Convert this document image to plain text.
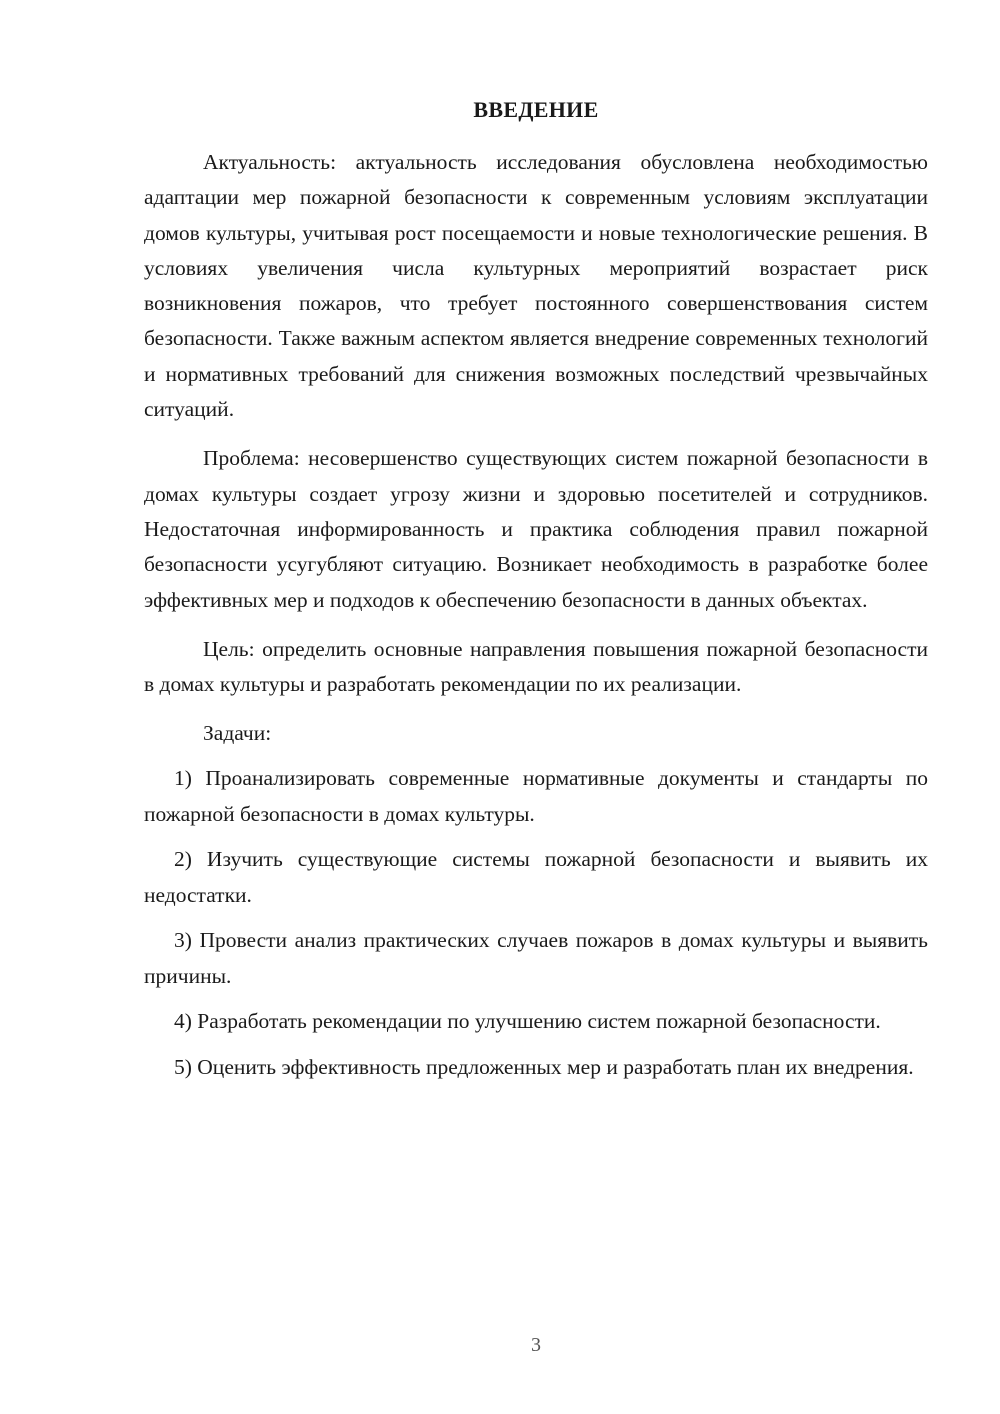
ВВЕДЕНИЕ

Актуальность: актуальность исследования обусловлена необходимостью адаптации мер пожарной безопасности к современным условиям эксплуатации домов культуры, учитывая рост посещаемости и новые технологические решения. В условиях увеличения числа культурных мероприятий возрастает риск возникновения пожаров, что требует постоянного совершенствования систем безопасности. Также важным аспектом является внедрение современных технологий и нормативных требований для снижения возможных последствий чрезвычайных ситуаций.

Проблема: несовершенство существующих систем пожарной безопасности в домах культуры создает угрозу жизни и здоровью посетителей и сотрудников. Недостаточная информированность и практика соблюдения правил пожарной безопасности усугубляют ситуацию. Возникает необходимость в разработке более эффективных мер и подходов к обеспечению безопасности в данных объектах.

Цель: определить основные направления повышения пожарной безопасности в домах культуры и разработать рекомендации по их реализации.

Задачи:

1) Проанализировать современные нормативные документы и стандарты по пожарной безопасности в домах культуры.

2) Изучить существующие системы пожарной безопасности и выявить их недостатки.

3) Провести анализ практических случаев пожаров в домах культуры и выявить причины.

4) Разработать рекомендации по улучшению систем пожарной безопасности.

5) Оценить эффективность предложенных мер и разработать план их внедрения.

3
